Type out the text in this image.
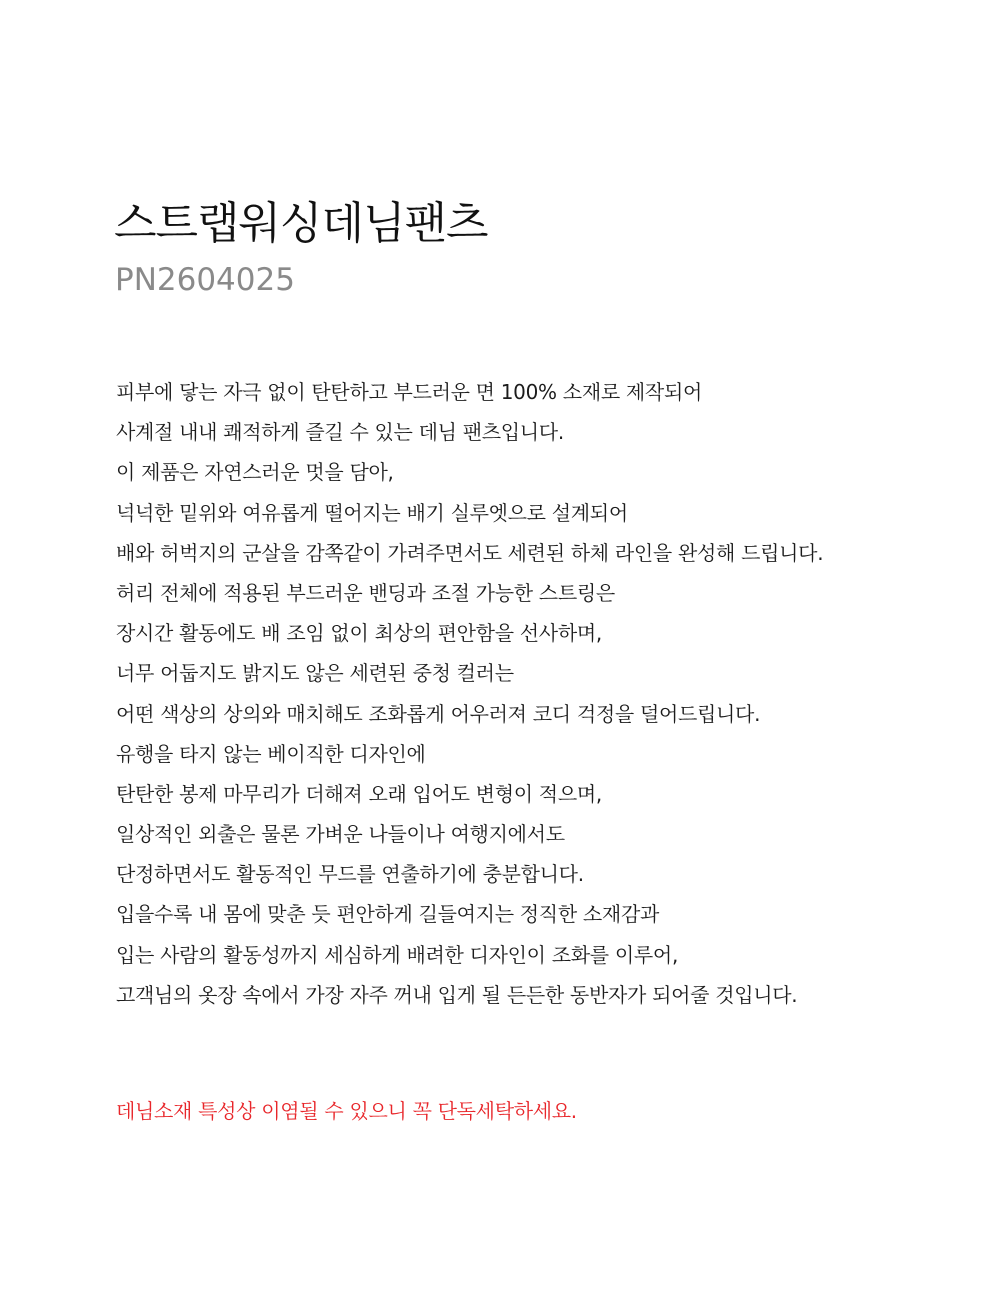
스트랩워싱데님팬츠

PN2604025

피부에 닿는 자극 없이 탄탄하고 부드러운 면 100% 소재로 제작되어
사계절 내내 쾌적하게 즐길 수 있는 데님 팬츠입니다.
이 제품은 자연스러운 멋을 담아,
넉넉한 밑위와 여유롭게 떨어지는 배기 실루엣으로 설계되어
배와 허벅지의 군살을 감쪽같이 가려주면서도 세련된 하체 라인을 완성해 드립니다.
허리 전체에 적용된 부드러운 밴딩과 조절 가능한 스트링은
장시간 활동에도 배 조임 없이 최상의 편안함을 선사하며,
너무 어둡지도 밝지도 않은 세련된 중청 컬러는
어떤 색상의 상의와 매치해도 조화롭게 어우러져 코디 걱정을 덜어드립니다.
유행을 타지 않는 베이직한 디자인에
탄탄한 봉제 마무리가 더해져 오래 입어도 변형이 적으며,
일상적인 외출은 물론 가벼운 나들이나 여행지에서도
단정하면서도 활동적인 무드를 연출하기에 충분합니다.
입을수록 내 몸에 맞춘 듯 편안하게 길들여지는 정직한 소재감과
입는 사람의 활동성까지 세심하게 배려한 디자인이 조화를 이루어,
고객님의 옷장 속에서 가장 자주 꺼내 입게 될 든든한 동반자가 되어줄 것입니다.

데님소재 특성상 이염될 수 있으니 꼭 단독세탁하세요.
